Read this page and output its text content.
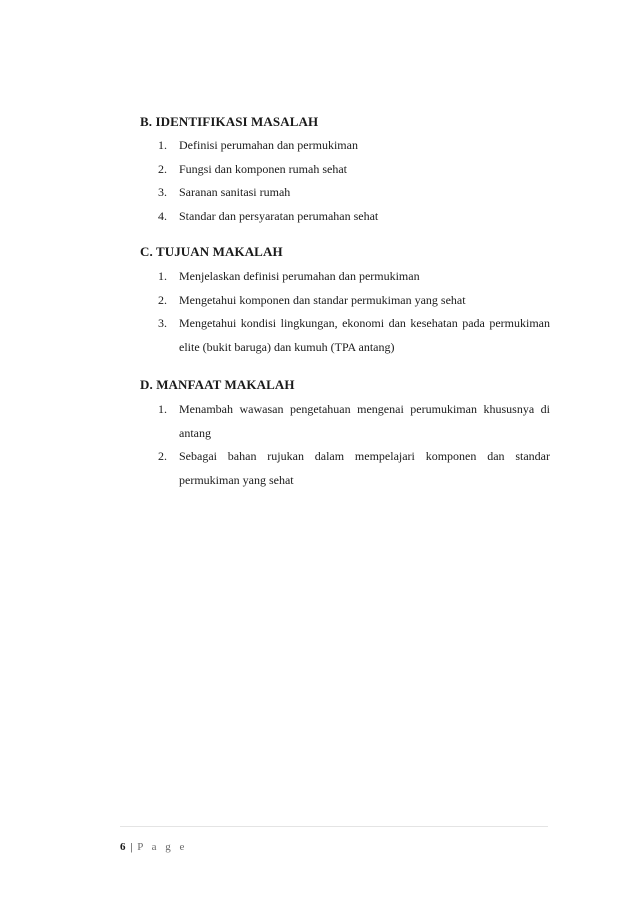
B. IDENTIFIKASI MASALAH
1. Definisi perumahan dan permukiman
2. Fungsi dan komponen rumah sehat
3. Saranan sanitasi rumah
4. Standar dan persyaratan perumahan sehat
C. TUJUAN MAKALAH
1. Menjelaskan definisi perumahan dan permukiman
2. Mengetahui komponen dan standar permukiman yang sehat
3. Mengetahui kondisi lingkungan, ekonomi dan kesehatan pada permukiman elite (bukit baruga) dan kumuh (TPA antang)
D. MANFAAT MAKALAH
1. Menambah wawasan pengetahuan mengenai perumukiman khususnya di antang
2. Sebagai bahan rujukan dalam mempelajari komponen dan standar permukiman yang sehat
6 | P a g e
